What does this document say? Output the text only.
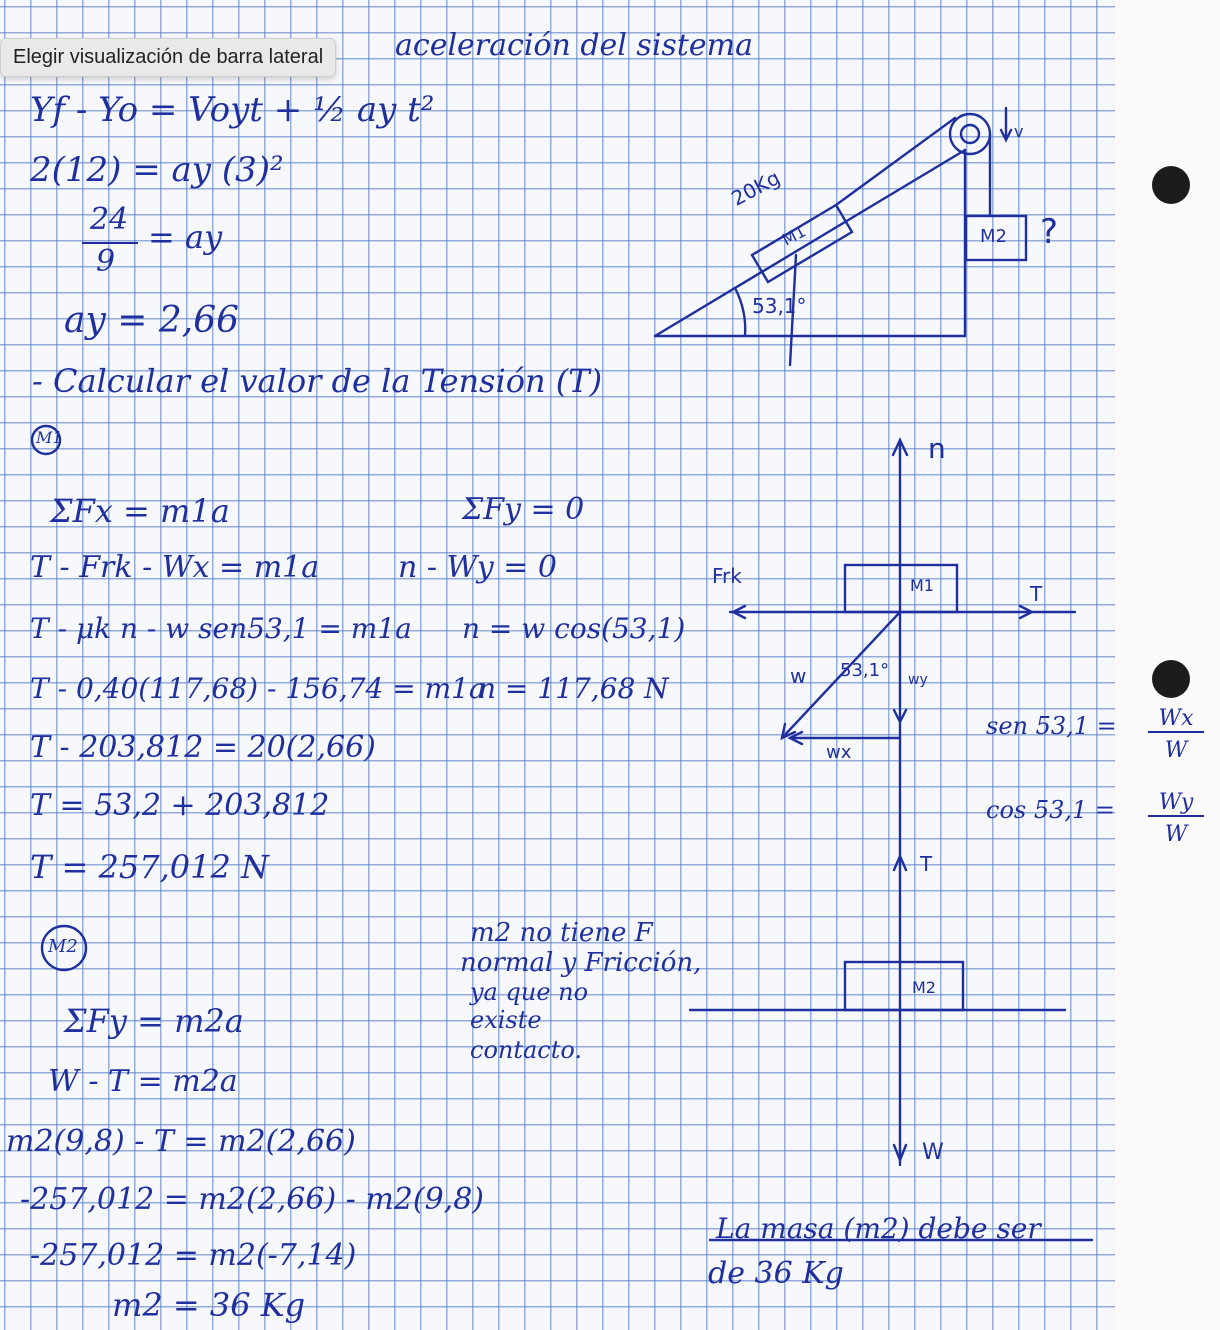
Elegir visualización de barra lateral	aceleración del sistema
Yf - Yo = Voyt + ½ ay t²
2(12) = ay (3)²
24
9
= ay
ay = 2,66
- Calcular el valor de la Tensión (T)
M1
ΣFx = m1a	ΣFy = 0
T - Frk - Wx = m1a	n - Wy = 0
T - μk n - w sen53,1 = m1a n = w cos(53,1)
T - 0,40(117,68) - 156,74 = m1a
n = 117,68 N
T - 203,812 = 20(2,66)
T = 53,2 + 203,812
T = 257,012 N
M2	m2 no tiene F
normal y Fricción,
ya que no
existe
contacto.
ΣFy = m2a
W - T = m2a
m2(9,8) - T = m2(2,66)
-257,012 = m2(2,66) - m2(9,8)
-257,012 = m2(-7,14)
m2 = 36 Kg
La masa (m2) debe ser
de 36 Kg
20Kg
M1	M2
53,1°
?
v
n
Frk
T
M1
w 53,1° wy
wx
T
M2
W
sen 53,1 =	Wx
W
cos 53,1 =	Wy
W
